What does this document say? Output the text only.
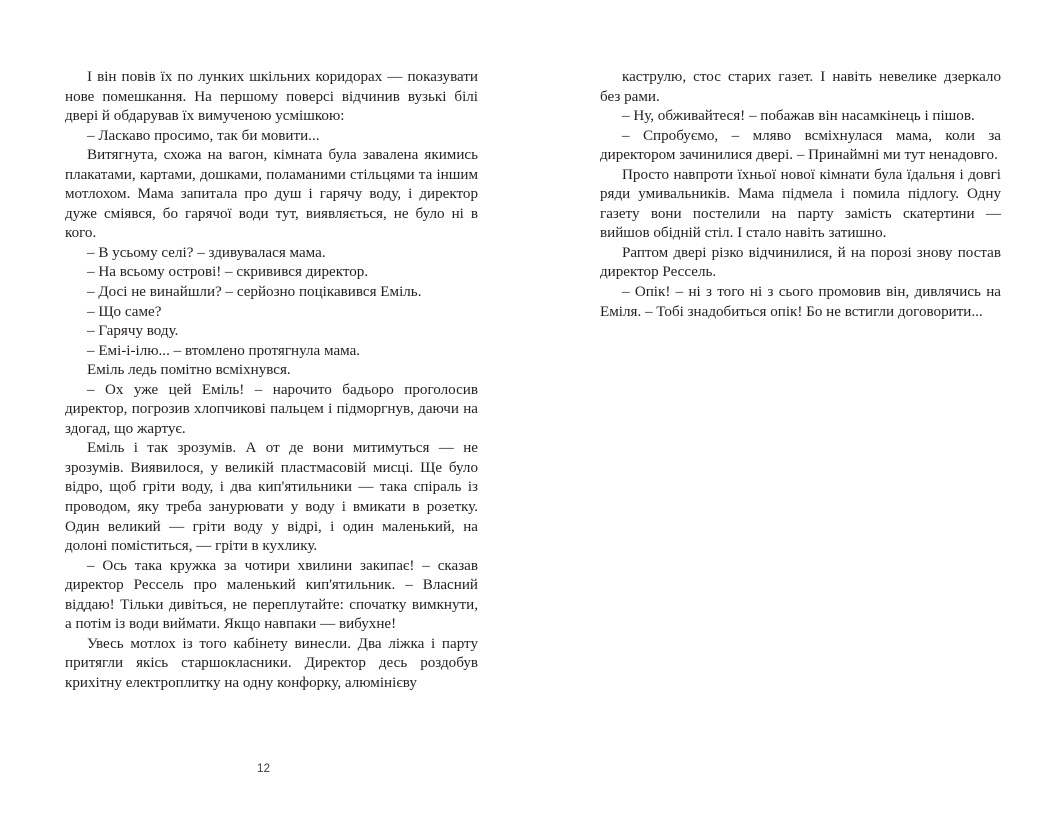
І він повів їх по лунких шкільних коридорах — показувати нове помешкання. На першому поверсі відчинив вузькі білі двері й обдарував їх вимученою усмішкою:

– Ласкаво просимо, так би мовити...

Витягнута, схожа на вагон, кімната була завалена якимись плакатами, картами, дошками, поламаними стільцями та іншим мотлохом. Мама запитала про душ і гарячу воду, і директор дуже сміявся, бо гарячої води тут, виявляється, не було ні в кого.

– В усьому селі? – здивувалася мама.

– На всьому острові! – скривився директор.

– Досі не винайшли? – серйозно поцікавився Еміль.

– Що саме?

– Гарячу воду.

– Емі-і-ілю... – втомлено протягнула мама.

Еміль ледь помітно всміхнувся.

– Ох уже цей Еміль! – нарочито бадьоро проголосив директор, погрозив хлопчикові пальцем і підморгнув, даючи на здогад, що жартує.

Еміль і так зрозумів. А от де вони митимуться — не зрозумів. Виявилося, у великій пластмасовій мисці. Ще було відро, щоб гріти воду, і два кип'ятильники — така спіраль із проводом, яку треба занурювати у воду і вмикати в розетку. Один великий — гріти воду у відрі, і один маленький, на долоні поміститься, — гріти в кухлику.

– Ось така кружка за чотири хвилини закипає! – сказав директор Рессель про маленький кип'ятильник. – Власний віддаю! Тільки дивіться, не переплутайте: спочатку вимкнути, а потім із води виймати. Якщо навпаки — вибухне!

Увесь мотлох із того кабінету винесли. Два ліжка і парту притягли якісь старшокласники. Директор десь роздобув крихітну електроплитку на одну конфорку, алюмінієву

каструлю, стос старих газет. І навіть невелике дзеркало без рами.

– Ну, обживайтеся! – побажав він насамкінець і пішов.

– Спробуємо, – мляво всміхнулася мама, коли за директором зачинилися двері. – Принаймні ми тут ненадовго.

Просто навпроти їхньої нової кімнати була їдальня і довгі ряди умивальників. Мама підмела і помила підлогу. Одну газету вони постелили на парту замість скатертини — вийшов обідній стіл. І стало навіть затишно.

Раптом двері різко відчинилися, й на порозі знову постав директор Рессель.

– Опік! – ні з того ні з сього промовив він, дивлячись на Еміля. – Тобі знадобиться опік! Бо не встигли договорити...

12
